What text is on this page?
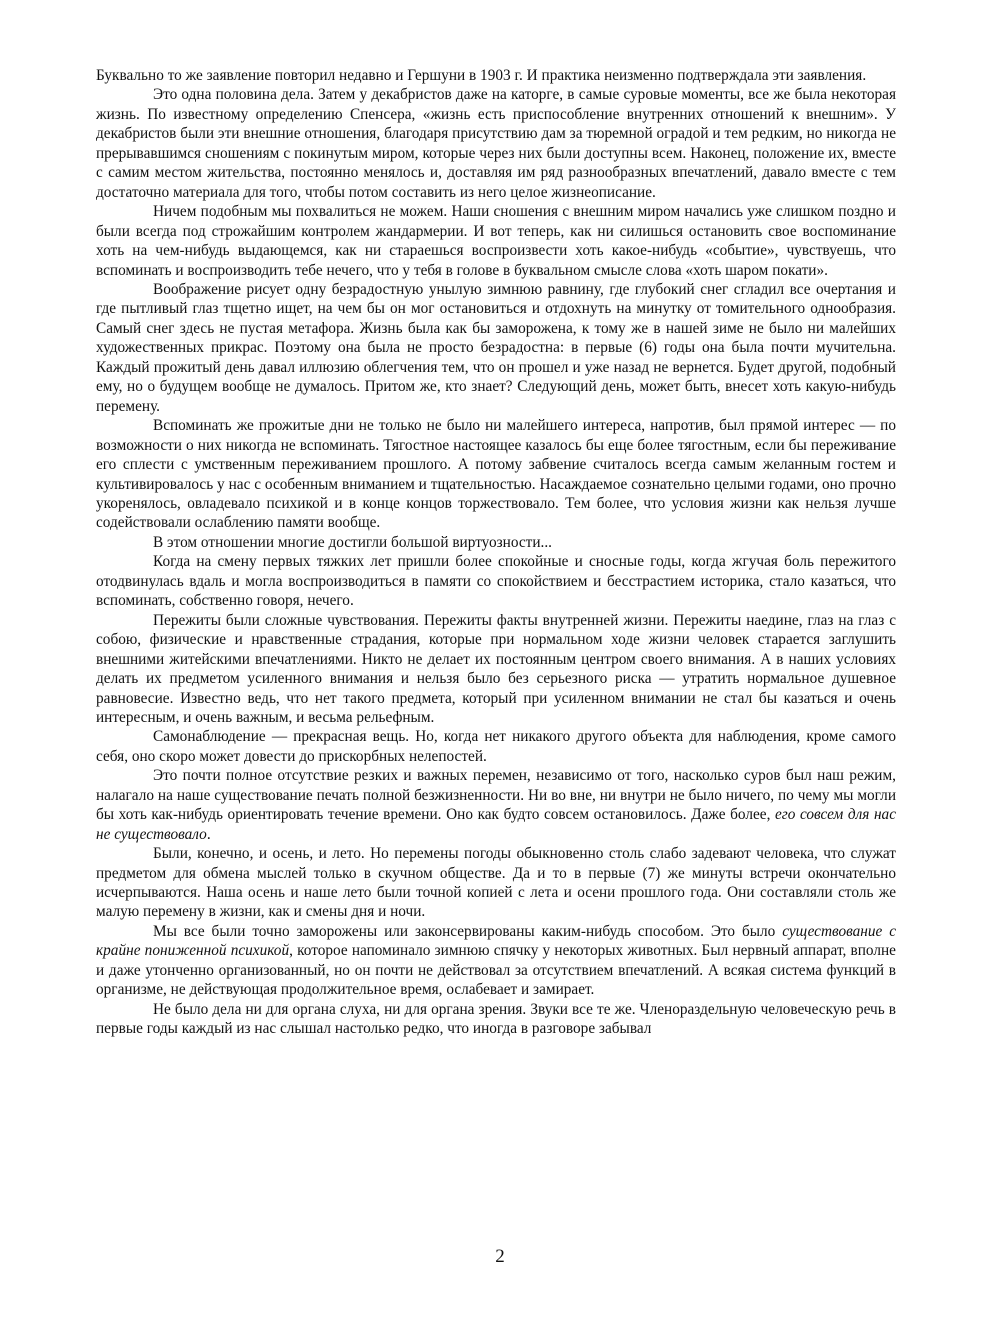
Буквально то же заявление повторил недавно и Гершуни в 1903 г. И практика неизменно подтверждала эти заявления.

Это одна половина дела. Затем у декабристов даже на каторге, в самые суровые моменты, все же была некоторая жизнь. По известному определению Спенсера, «жизнь есть приспособление внутренних отношений к внешним». У декабристов были эти внешние отношения, благодаря присутствию дам за тюремной оградой и тем редким, но никогда не прерывавшимся сношениям с покинутым миром, которые через них были доступны всем. Наконец, положение их, вместе с самим местом жительства, постоянно менялось и, доставляя им ряд разнообразных впечатлений, давало вместе с тем достаточно материала для того, чтобы потом составить из него целое жизнеописание.

Ничем подобным мы похвалиться не можем. Наши сношения с внешним миром начались уже слишком поздно и были всегда под строжайшим контролем жандармерии. И вот теперь, как ни силишься остановить свое воспоминание хоть на чем-нибудь выдающемся, как ни стараешься воспроизвести хоть какое-нибудь «событие», чувствуешь, что вспоминать и воспроизводить тебе нечего, что у тебя в голове в буквальном смысле слова «хоть шаром покати».

Воображение рисует одну безрадостную унылую зимнюю равнину, где глубокий снег сгладил все очертания и где пытливый глаз тщетно ищет, на чем бы он мог остановиться и отдохнуть на минутку от томительного однообразия. Самый снег здесь не пустая метафора. Жизнь была как бы заморожена, к тому же в нашей зиме не было ни малейших художественных прикрас. Поэтому она была не просто безрадостна: в первые (6) годы она была почти мучительна. Каждый прожитый день давал иллюзию облегчения тем, что он прошел и уже назад не вернется. Будет другой, подобный ему, но о будущем вообще не думалось. Притом же, кто знает? Следующий день, может быть, внесет хоть какую-нибудь перемену.

Вспоминать же прожитые дни не только не было ни малейшего интереса, напротив, был прямой интерес — по возможности о них никогда не вспоминать. Тягостное настоящее казалось бы еще более тягостным, если бы переживание его сплести с умственным переживанием прошлого. А потому забвение считалось всегда самым желанным гостем и культивировалось у нас с особенным вниманием и тщательностью. Насаждаемое сознательно целыми годами, оно прочно укоренялось, овладевало психикой и в конце концов торжествовало. Тем более, что условия жизни как нельзя лучше содействовали ослаблению памяти вообще.

В этом отношении многие достигли большой виртуозности...

Когда на смену первых тяжких лет пришли более спокойные и сносные годы, когда жгучая боль пережитого отодвинулась вдаль и могла воспроизводиться в памяти со спокойствием и бесстрастием историка, стало казаться, что вспоминать, собственно говоря, нечего.

Пережиты были сложные чувствования. Пережиты факты внутренней жизни. Пережиты наедине, глаз на глаз с собою, физические и нравственные страдания, которые при нормальном ходе жизни человек старается заглушить внешними житейскими впечатлениями. Никто не делает их постоянным центром своего внимания. А в наших условиях делать их предметом усиленного внимания и нельзя было без серьезного риска — утратить нормальное душевное равновесие. Известно ведь, что нет такого предмета, который при усиленном внимании не стал бы казаться и очень интересным, и очень важным, и весьма рельефным.

Самонаблюдение — прекрасная вещь. Но, когда нет никакого другого объекта для наблюдения, кроме самого себя, оно скоро может довести до прискорбных нелепостей.

Это почти полное отсутствие резких и важных перемен, независимо от того, насколько суров был наш режим, налагало на наше существование печать полной безжизненности. Ни во вне, ни внутри не было ничего, по чему мы могли бы хоть как-нибудь ориентировать течение времени. Оно как будто совсем остановилось. Даже более, его совсем для нас не существовало.

Были, конечно, и осень, и лето. Но перемены погоды обыкновенно столь слабо задевают человека, что служат предметом для обмена мыслей только в скучном обществе. Да и то в первые (7) же минуты встречи окончательно исчерпываются. Наша осень и наше лето были точной копией с лета и осени прошлого года. Они составляли столь же малую перемену в жизни, как и смены дня и ночи.

Мы все были точно заморожены или законсервированы каким-нибудь способом. Это было существование с крайне пониженной психикой, которое напоминало зимнюю спячку у некоторых животных. Был нервный аппарат, вполне и даже утонченно организованный, но он почти не действовал за отсутствием впечатлений. А всякая система функций в организме, не действующая продолжительное время, ослабевает и замирает.

Не было дела ни для органа слуха, ни для органа зрения. Звуки все те же. Членораздельную человеческую речь в первые годы каждый из нас слышал настолько редко, что иногда в разговоре забывал

2
